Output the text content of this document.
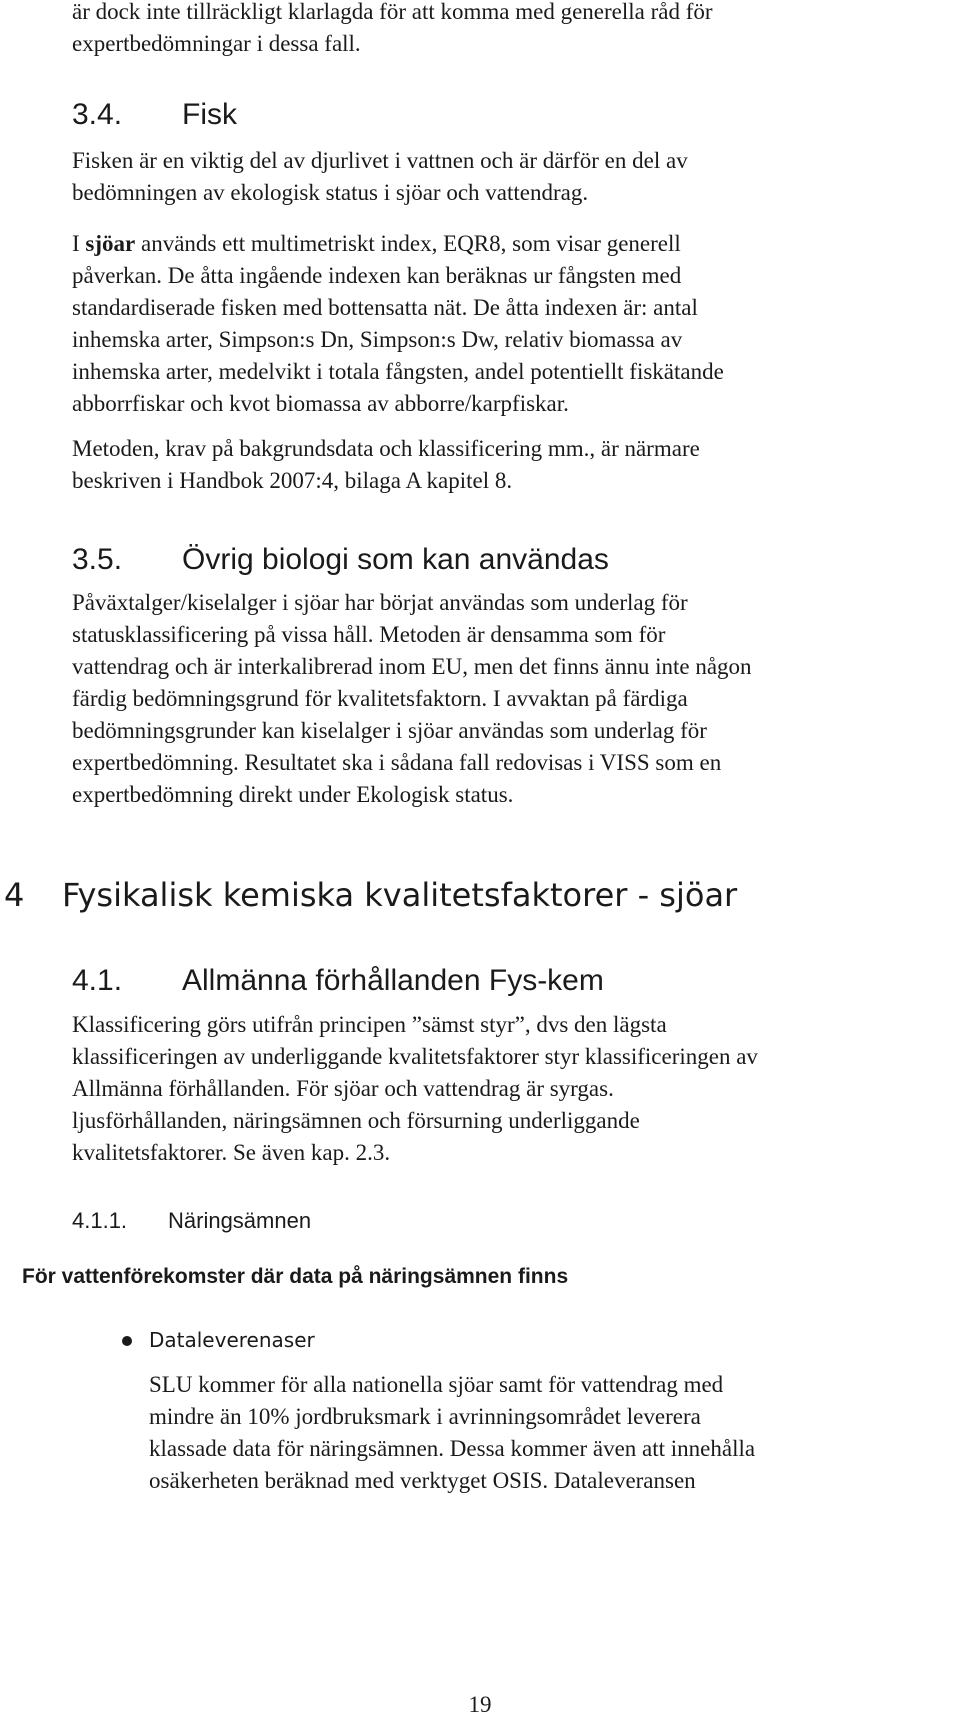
är dock inte tillräckligt klarlagda för att komma med generella råd för

expertbedömningar i dessa fall.

3.4. Fisk

Fisken är en viktig del av djurlivet i vattnen och är därför en del av

bedömningen av ekologisk status i sjöar och vattendrag.

I sjöar används ett multimetriskt index, EQR8, som visar generell

påverkan. De åtta ingående indexen kan beräknas ur fångsten med

standardiserade fisken med bottensatta nät. De åtta indexen är: antal

inhemska arter, Simpson:s Dn, Simpson:s Dw, relativ biomassa av

inhemska arter, medelvikt i totala fångsten, andel potentiellt fiskätande

abborrfiskar och kvot biomassa av abborre/karpfiskar.

Metoden, krav på bakgrundsdata och klassificering mm., är närmare

beskriven i Handbok 2007:4, bilaga A kapitel 8.

3.5. Övrig biologi som kan användas

Påväxtalger/kiselalger i sjöar har börjat användas som underlag för

statusklassificering på vissa håll. Metoden är densamma som för

vattendrag och är interkalibrerad inom EU, men det finns ännu inte någon

färdig bedömningsgrund för kvalitetsfaktorn. I avvaktan på färdiga

bedömningsgrunder kan kiselalger i sjöar användas som underlag för

expertbedömning. Resultatet ska i sådana fall redovisas i VISS som en

expertbedömning direkt under Ekologisk status.

4 Fysikalisk kemiska kvalitetsfaktorer - sjöar
4.1. Allmänna förhållanden Fys-kem

Klassificering görs utifrån principen ”sämst styr”, dvs den lägsta

klassificeringen av underliggande kvalitetsfaktorer styr klassificeringen av

Allmänna förhållanden. För sjöar och vattendrag är syrgas.

ljusförhållanden, näringsämnen och försurning underliggande

kvalitetsfaktorer. Se även kap. 2.3.

4.1.1. Näringsämnen
För vattenförekomster där data på näringsämnen finns
Dataleverenaser

SLU kommer för alla nationella sjöar samt för vattendrag med

mindre än 10% jordbruksmark i avrinningsområdet leverera

klassade data för näringsämnen. Dessa kommer även att innehålla

osäkerheten beräknad med verktyget OSIS. Dataleveransen

19
